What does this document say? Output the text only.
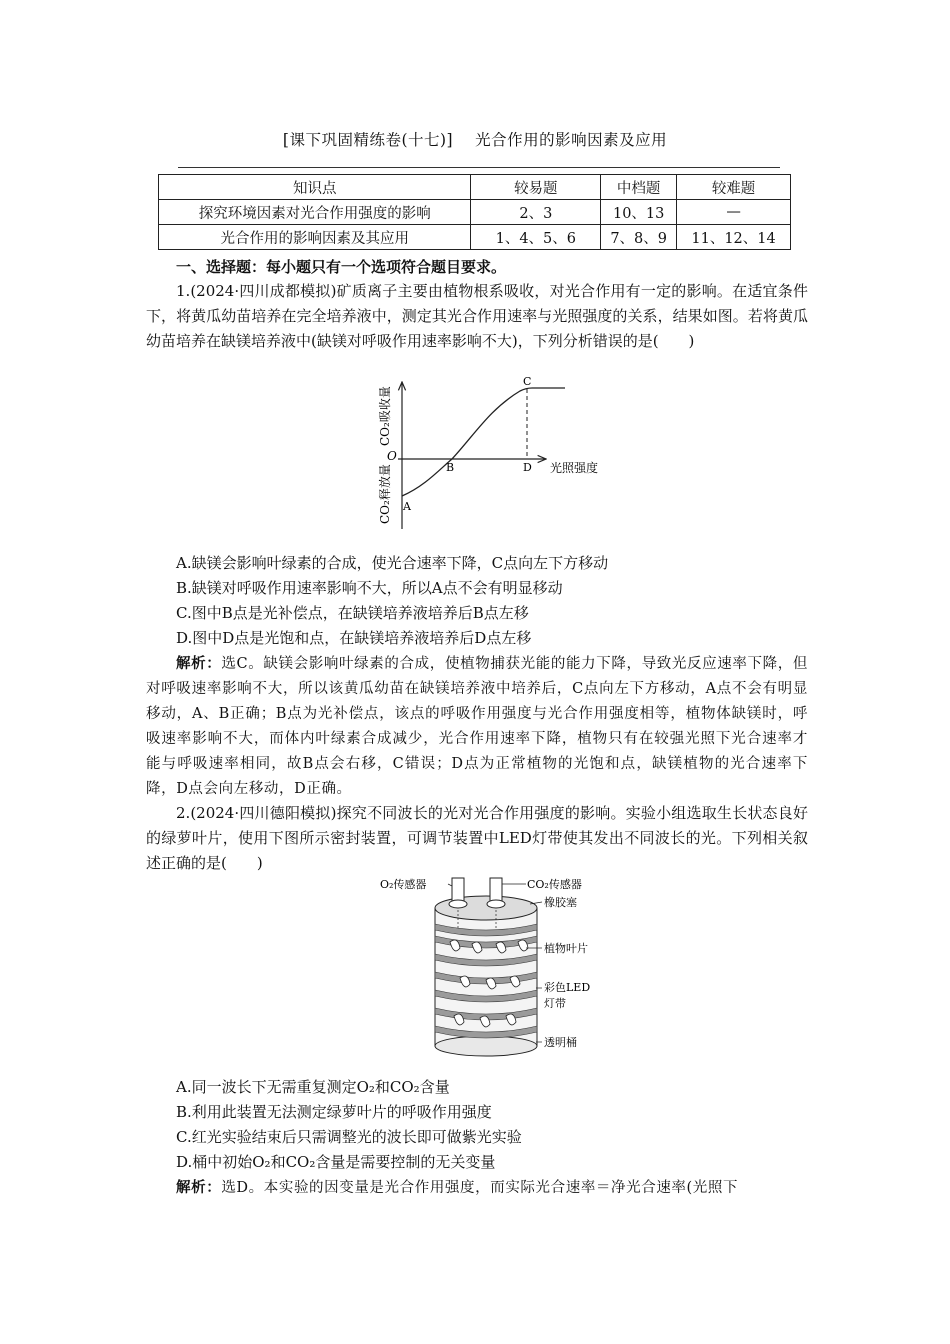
[课下巩固精练卷(十七)] 光合作用的影响因素及应用
知识点	较易题	中档题	较难题
探究环境因素对光合作用强度的影响	2、3	10、13	—
光合作用的影响因素及其应用	1、4、5、6	7、8、9	11、12、14
一、选择题：每小题只有一个选项符合题目要求。
1.(2024·四川成都模拟)矿质离子主要由植物根系吸收，对光合作用有一定的影响。在适宜条件下，将黄瓜幼苗培养在完全培养液中，测定其光合作用速率与光照强度的关系，结果如图。若将黄瓜幼苗培养在缺镁培养液中(缺镁对呼吸作用速率影响不大)，下列分析错误的是(　　)
CO₂吸收量
CO₂释放量
O
A
B
C
D 光照强度
A.缺镁会影响叶绿素的合成，使光合速率下降，C点向左下方移动
B.缺镁对呼吸作用速率影响不大，所以A点不会有明显移动
C.图中B点是光补偿点，在缺镁培养液培养后B点左移
D.图中D点是光饱和点，在缺镁培养液培养后D点左移
解析：选C。缺镁会影响叶绿素的合成，使植物捕获光能的能力下降，导致光反应速率下降，但对呼吸速率影响不大，所以该黄瓜幼苗在缺镁培养液中培养后，C点向左下方移动，A点不会有明显移动，A、B正确；B点为光补偿点，该点的呼吸作用强度与光合作用强度相等，植物体缺镁时，呼吸速率影响不大，而体内叶绿素合成减少，光合作用速率下降，植物只有在较强光照下光合速率才能与呼吸速率相同，故B点会右移，C错误；D点为正常植物的光饱和点，缺镁植物的光合速率下降，D点会向左移动，D正确。
2.(2024·四川德阳模拟)探究不同波长的光对光合作用强度的影响。实验小组选取生长状态良好的绿萝叶片，使用下图所示密封装置，可调节装置中LED灯带使其发出不同波长的光。下列相关叙述正确的是(　　)
O₂传感器	CO₂传感器
橡胶塞
植物叶片
彩色LED
灯带
透明桶
A.同一波长下无需重复测定O₂和CO₂含量
B.利用此装置无法测定绿萝叶片的呼吸作用强度
C.红光实验结束后只需调整光的波长即可做紫光实验
D.桶中初始O₂和CO₂含量是需要控制的无关变量
解析：选D。本实验的因变量是光合作用强度，而实际光合速率＝净光合速率(光照下
